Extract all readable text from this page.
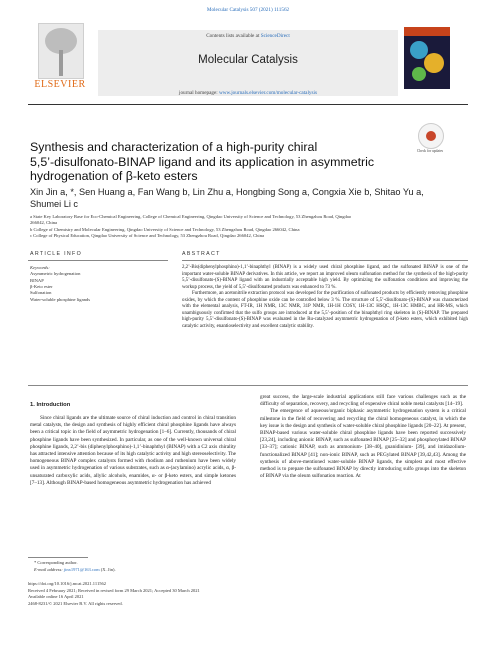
Molecular Catalysis 507 (2021) 111562
ELSEVIER
Contents lists available at ScienceDirect
Molecular Catalysis
journal homepage: www.journals.elsevier.com/molecular-catalysis
Synthesis and characterization of a high-purity chiral
5,5’-disulfonato-BINAP ligand and its application in asymmetric
hydrogenation of β-keto esters
Check for updates
Xin Jin a, *, Sen Huang a, Fan Wang b, Lin Zhu a, Hongbing Song a, Congxia Xie b, Shitao Yu a,
Shumei Li c
a State Key Laboratory Base for Eco-Chemical Engineering, College of Chemical Engineering, Qingdao University of Science and Technology, 53 Zhengzhou Road, Qingdao
266042, China
b College of Chemistry and Molecular Engineering, Qingdao University of Science and Technology, 53 Zhengzhou Road, Qingdao 266042, China
c College of Physical Education, Qingdao University of Science and Technology, 53 Zhengzhou Road, Qingdao 266042, China
ARTICLE INFO	ABSTRACT
Keywords:
Asymmetric hydrogenation
BINAP
β-Keto ester
Sulfonation
Water-soluble phosphine ligands

2,2’-Bis(diphenylphosphino)-1,1’-binaphthyl (BINAP) is a widely used chiral phosphine ligand, and the sulfonated BINAP is one of the important water-soluble BINAP derivatives. In this article, we report an improved oleum sulfonation method for the synthesis of the high-purity 5,5’-disulfonato-(S)-BINAP ligand with an industrially acceptable high yield. By optimizing the sulfonation conditions and improving the workup process, the yield of 5,5’-disulfonated products was enhanced to 73 %.

Furthermore, an acetonitrile extraction protocol was developed for the purification of sulfonated products by efficiently removing phosphine oxides, by which the content of phosphine oxide can be controlled below 3 %. The structure of 5,5’-disulfonato-(S)-BINAP was characterized with the elemental analysis, FT-IR, 1H NMR, 13C NMR, 31P NMR, 1H-1H COSY, 1H-13C HSQC, 1H-13C HMBC, and HR-MS, which unambiguously confirmed that the sulfo groups are introduced at the 5,5’-position of the binaphthyl ring skeleton in (S)-BINAP. The prepared high-purity 5,5’-disulfonato-(S)-BINAP was evaluated in the Ru-catalyzed asymmetric hydrogenation of β-keto esters, which exhibited high catalytic activity, enantioselectivity and excellent catalytic stability.

1. Introduction

Since chiral ligands are the ultimate source of chiral induction and control in chiral transition metal catalysts, the design and synthesis of highly efficient chiral phosphine ligands have always been a critical topic in the field of asymmetric hydrogenation [1–6]. Currently, thousands of chiral phosphine ligands have been synthesized. In particular, as one of the well-known universal chiral phosphine ligands, 2,2’-bis (diphenylphosphino)-1,1’-binaphthyl (BINAP) with a C2 axis chirality has attracted intensive attention because of its high catalytic activity and high stereoselectivity. The homogeneous BINAP complex catalysts formed with rhodium and ruthenium have been widely used in asymmetric hydrogenation of various substrates, such as α-(acylamino) acrylic acids, α, β-unsaturated carboxylic acids, allylic alcohols, enamides, α- or β-keto esters, and simple ketones [7–13]. Although BINAP-based homogeneous asymmetric hydrogenation has achieved

great success, the large-scale industrial applications still face various challenges such as the difficulty of separation, recovery, and recycling of expensive chiral noble metal catalysts [14–19].

The emergence of aqueous/organic biphasic asymmetric hydrogenation system is a critical milestone in the field of recovering and recycling the chiral homogeneous catalyst, in which the key issue is the design and synthesis of water-soluble chiral phosphine ligands [20–22]. At present, BINAP-based various water-soluble chiral phosphine ligands have been reported successively [23,24], including anionic BINAP, such as sulfonated BINAP [25–32] and phosphorylated BINAP [33–37]; cationic BINAP, such as ammonium- [38–40], guanidinium- [39], and imidazolium-functionalized BINAP [41]; non-ionic BINAP, such as PEGylated BINAP [39,42,43]. Among the synthesis of above-mentioned water-soluble BINAP ligands, the simplest and most effective method is to prepare the sulfonated BINAP by directly introducing sulfo groups into the skeleton of BINAP via the oleum sulfonation reaction. At

* Corresponding author.
E-mail address: jinx1971@163.com (X. Jin).
https://doi.org/10.1016/j.mcat.2021.111562
Received 4 February 2021; Received in revised form 29 March 2021; Accepted 30 March 2021
Available online 16 April 2021
2468-8231/© 2021 Elsevier B.V. All rights reserved.
